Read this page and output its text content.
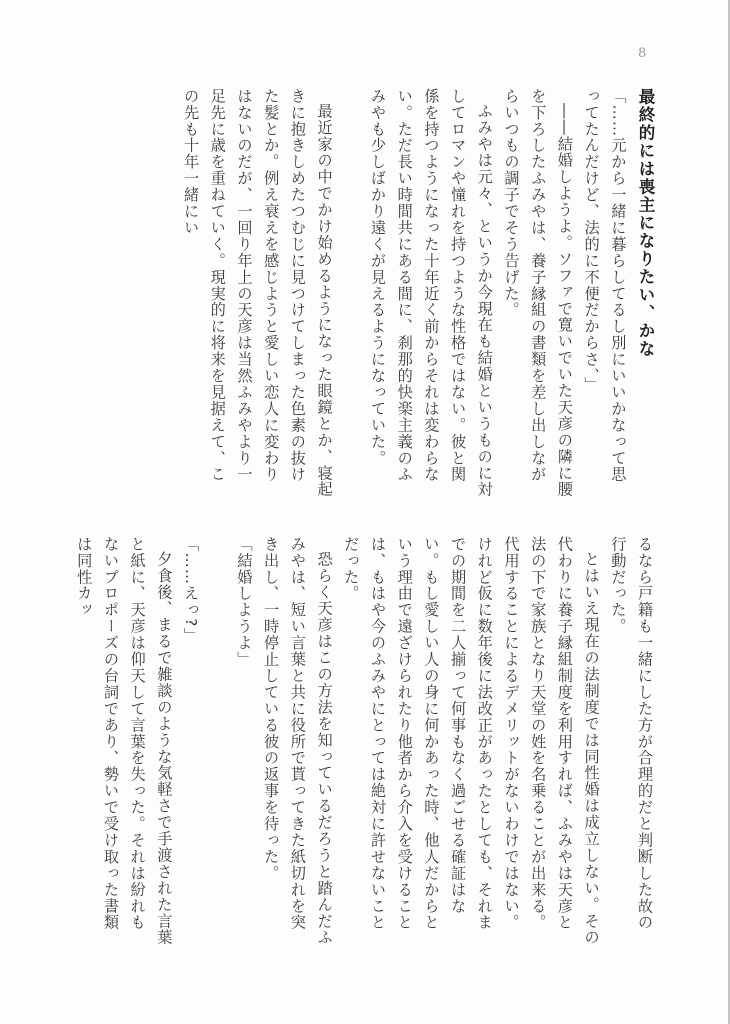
8
最終的には喪主になりたい、かな
「……元から一緒に暮らしてるし別にいいかなって思ってたんだけど、法的に不便だからさ、」
――結婚しようよ。ソファで寛いでいた天彦の隣に腰を下ろしたふみやは、養子縁組の書類を差し出しながらいつもの調子でそう告げた。
ふみやは元々、というか今現在も結婚というものに対してロマンや憧れを持つような性格ではない。彼と関係を持つようになった十年近く前からそれは変わらない。ただ長い時間共にある間に、刹那的快楽主義のふみやも少しばかり遠くが見えるようになっていた。
最近家の中でかけ始めるようになった眼鏡とか、寝起きに抱きしめたつむじに見つけてしまった色素の抜けた髪とか。例え衰えを感じようと愛しい恋人に変わりはないのだが、一回り年上の天彦は当然ふみやより一足先に歳を重ねていく。現実的に将来を見据えて、この先も十年一緒にい
るなら戸籍も一緒にした方が合理的だと判断した故の行動だった。
とはいえ現在の法制度では同性婚は成立しない。その代わりに養子縁組制度を利用すれば、ふみやは天彦と法の下で家族となり天堂の姓を名乗ることが出来る。代用することによるデメリットがないわけではない。けれど仮に数年後に法改正があったとしても、それまでの期間を二人揃って何事もなく過ごせる確証はない。もし愛しい人の身に何かあった時、他人だからという理由で遠ざけられたり他者から介入を受けることは、もはや今のふみやにとっては絶対に許せないことだった。
恐らく天彦はこの方法を知っているだろうと踏んだふみやは、短い言葉と共に役所で貰ってきた紙切れを突き出し、一時停止している彼の返事を待った。
「結婚しようよ」
「……えっ?」
夕食後、まるで雑談のような気軽さで手渡された言葉と紙に、天彦は仰天して言葉を失った。それは紛れもないプロポーズの台詞であり、勢いで受け取った書類は同性カッ
